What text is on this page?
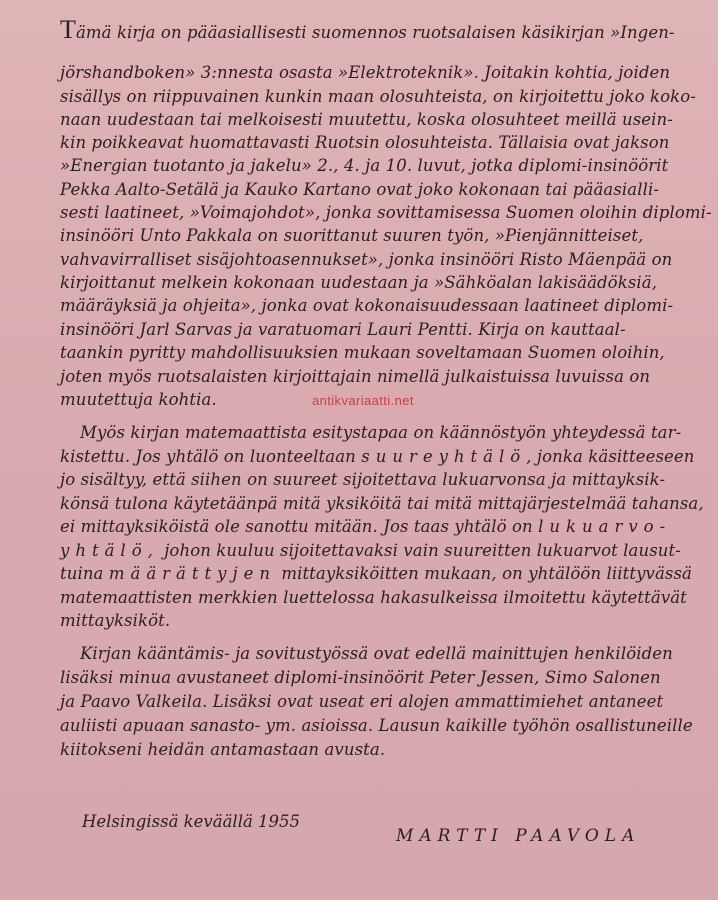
Tämä kirja on pääasiallisesti suomennos ruotsalaisen käsikirjan »Ingen-
jörshandboken» 3:nnesta osasta »Elektroteknik». Joitakin kohtia, joiden
sisällys on riippuvainen kunkin maan olosuhteista, on kirjoitettu joko koko-
naan uudestaan tai melkoisesti muutettu, koska olosuhteet meillä usein-
kin poikkeavat huomattavasti Ruotsin olosuhteista. Tällaisia ovat jakson
»Energian tuotanto ja jakelu» 2., 4. ja 10. luvut, jotka diplomi-insinöörit
Pekka Aalto-Setälä ja Kauko Kartano ovat joko kokonaan tai pääasialli-
sesti laatineet, »Voimajohdot», jonka sovittamisessa Suomen oloihin diplomi-
insinööri Unto Pakkala on suorittanut suuren työn, »Pienjännitteiset,
vahvavirralliset sisäjohtoasennukset», jonka insinööri Risto Mäenpää on
kirjoittanut melkein kokonaan uudestaan ja »Sähköalan lakisäädöksiä,
määräyksiä ja ohjeita», jonka ovat kokonaisuudessaan laatineet diplomi-
insinööri Jarl Sarvas ja varatuomari Lauri Pentti. Kirja on kauttaal-
taankin pyritty mahdollisuuksien mukaan soveltamaan Suomen oloihin,
joten myös ruotsalaisten kirjoittajain nimellä julkaistuissa luvuissa on
muutettuja kohtia.
Myös kirjan matemaattista esitystapaa on käännöstyön yhteydessä tar-
kistettu. Jos yhtälö on luonteeltaan suureyhtälö, jonka käsitteeseen
jo sisältyy, että siihen on suureet sijoitettava lukuarvonsa ja mittayksik-
könsä tulona käytetäänpä mitä yksiköitä tai mitä mittajärjestelmää tahansa,
ei mittayksiköistä ole sanottu mitään. Jos taas yhtälö on lukuarvo-
yhtälö, johon kuuluu sijoitettavaksi vain suureitten lukuarvot lausut-
tuina määrättyjen mittayksiköitten mukaan, on yhtälöön liittyvässä
matemaattisten merkkien luettelossa hakasulkeissa ilmoitettu käytettävät
mittayksiköt.
Kirjan kääntämis- ja sovitustyössä ovat edellä mainittujen henkilöiden
lisäksi minua avustaneet diplomi-insinöörit Peter Jessen, Simo Salonen
ja Paavo Valkeila. Lisäksi ovat useat eri alojen ammattimiehet antaneet
auliisti apuaan sanasto- ym. asioissa. Lausun kaikille työhön osallistuneille
kiitokseni heidän antamastaan avusta.
Helsingissä keväällä 1955
MARTTI PAAVOLA
antikvariaatti.net
